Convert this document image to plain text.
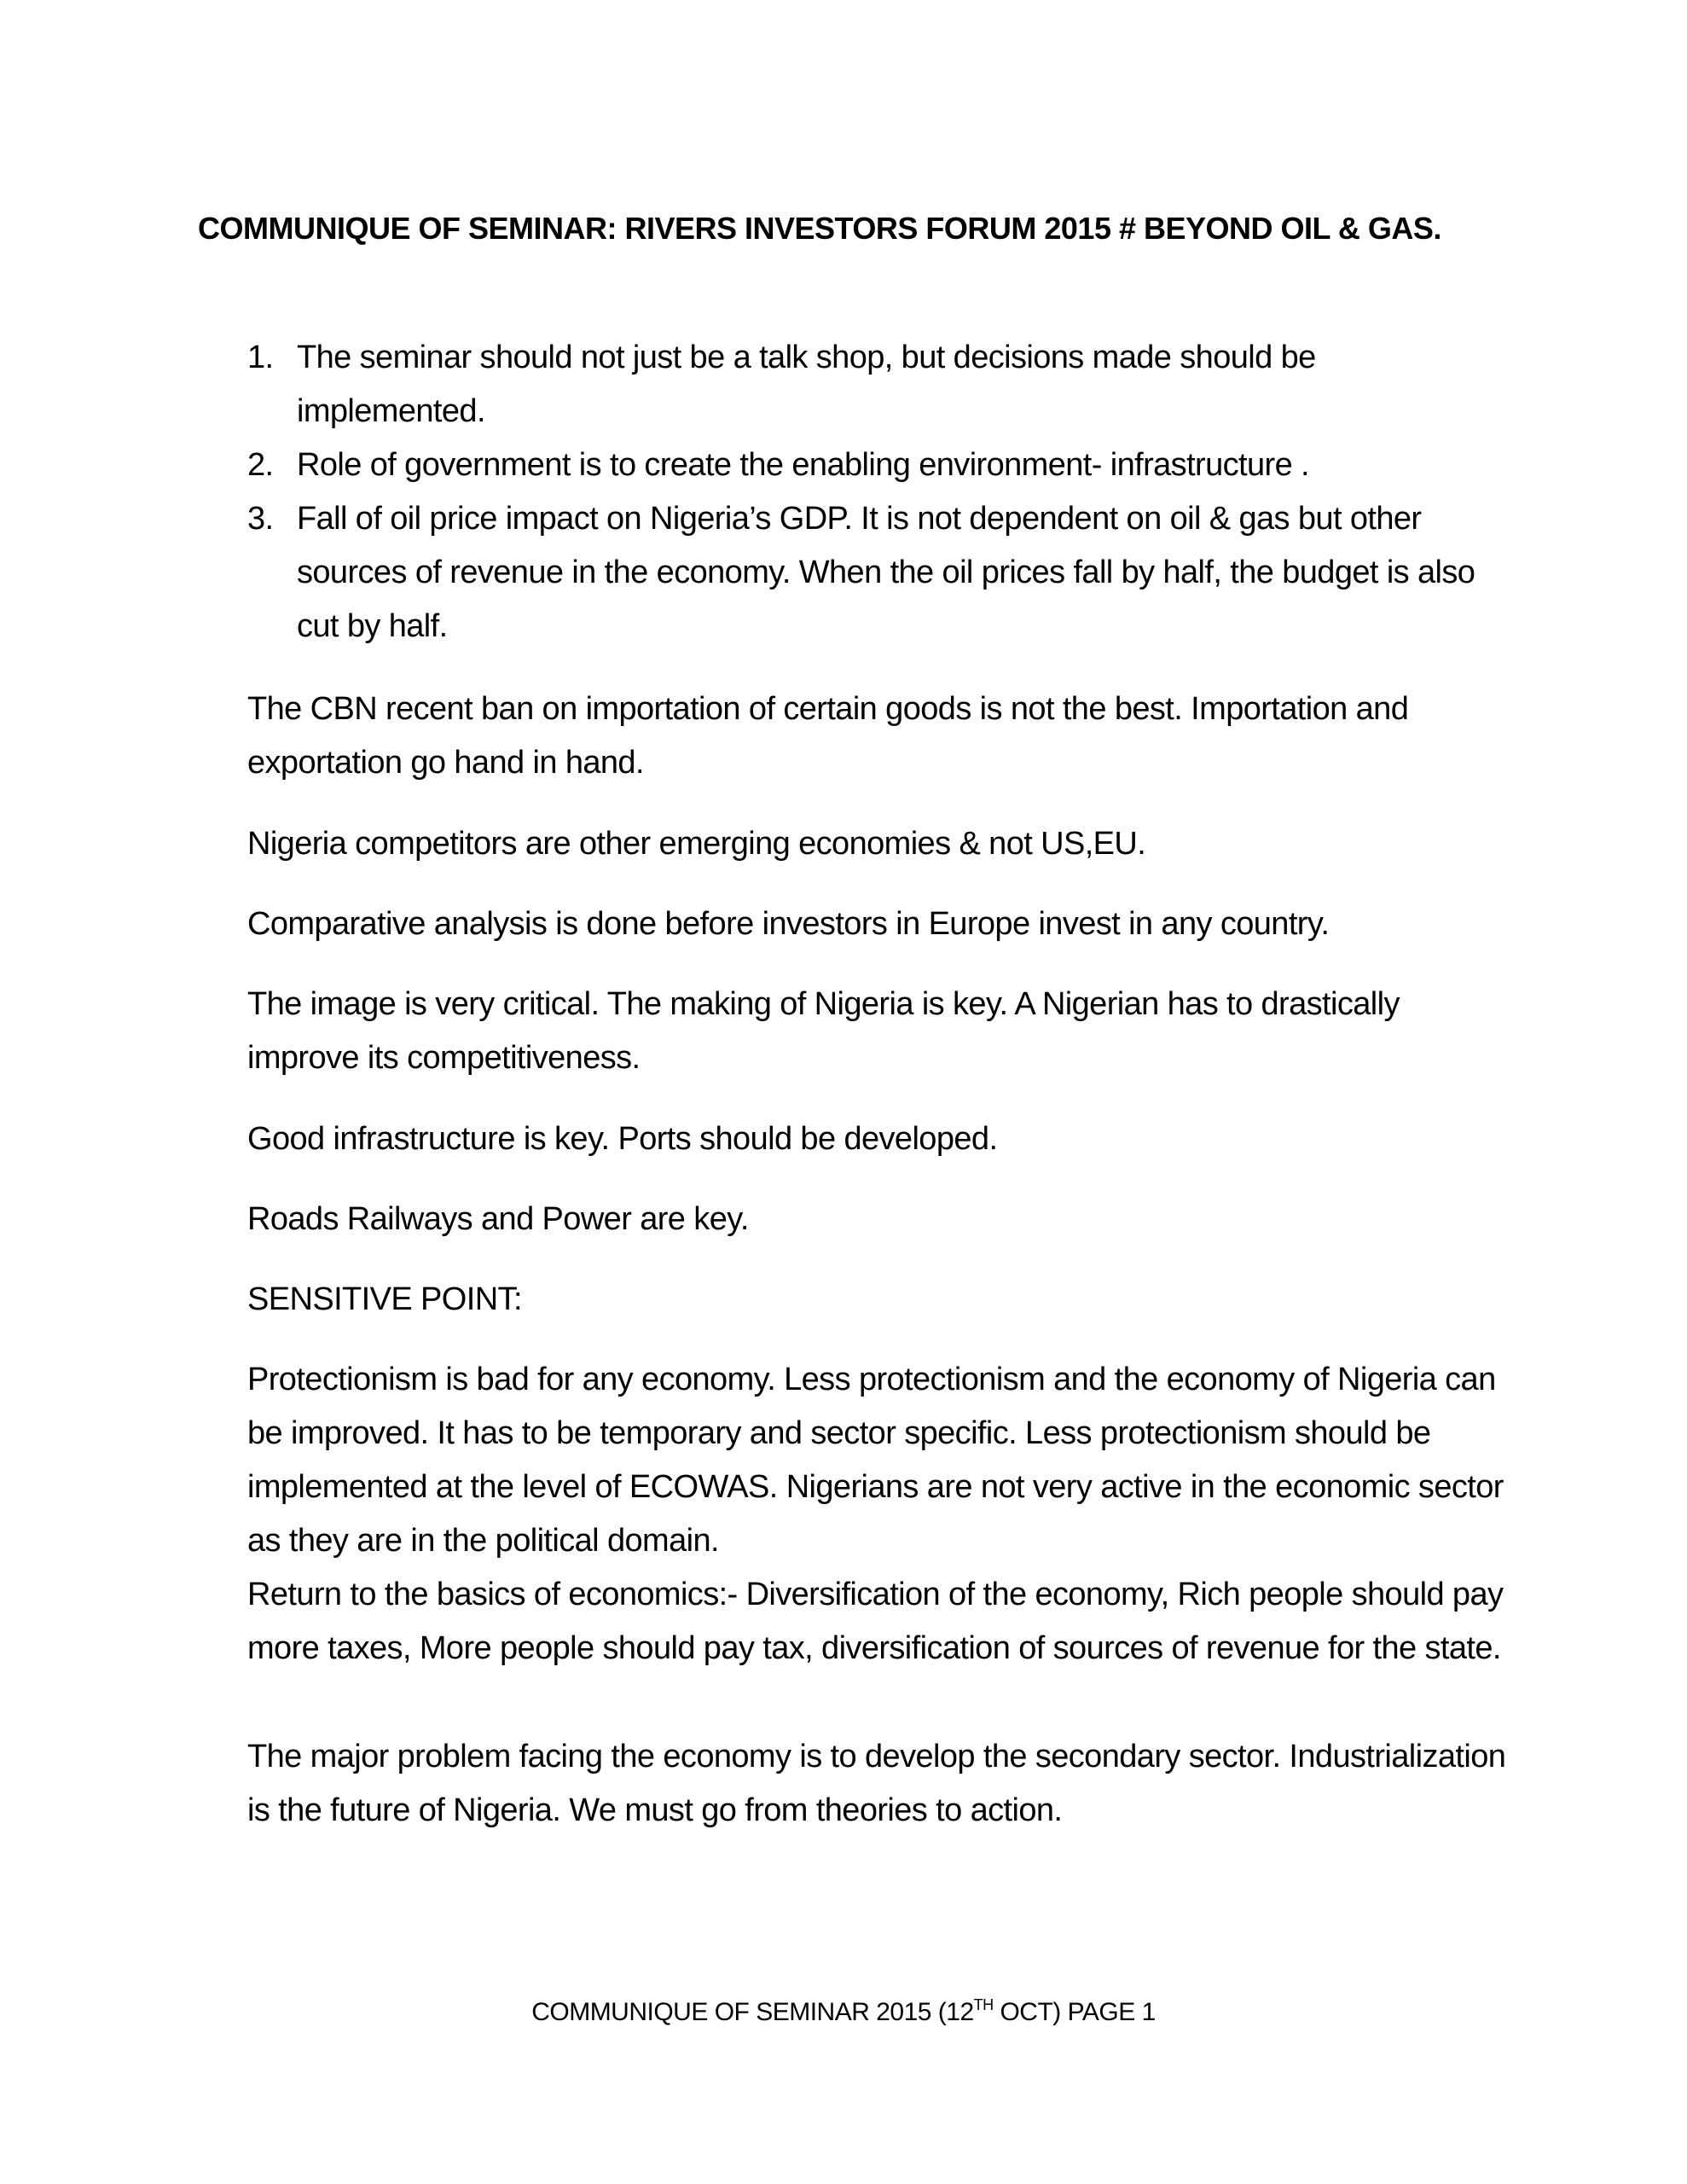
COMMUNIQUE OF SEMINAR: RIVERS INVESTORS FORUM 2015 # BEYOND OIL & GAS.
1. The seminar should not just be a talk shop, but decisions made should be implemented.
2. Role of government is to create the enabling environment- infrastructure .
3. Fall of oil price impact on Nigeria’s GDP. It is not dependent on oil & gas but other sources of revenue in the economy. When the oil prices fall by half, the budget is also cut by half.

The CBN recent ban on importation of certain goods is not the best. Importation and exportation go hand in hand.

Nigeria competitors are other emerging economies & not US,EU.

Comparative analysis is done before investors in Europe invest in any country.

The image is very critical. The making of Nigeria is key. A Nigerian has to drastically improve its competitiveness.

Good infrastructure is key. Ports should be developed.

Roads Railways and Power are key.

SENSITIVE POINT:

Protectionism is bad for any economy. Less protectionism and the economy of Nigeria can be improved. It has to be temporary and sector specific. Less protectionism should be implemented at the level of ECOWAS. Nigerians are not very active in the economic sector as they are in the political domain.

Return to the basics of economics:- Diversification of the economy, Rich people should pay more taxes, More people should pay tax, diversification of sources of revenue for the state.

The major problem facing the economy is to develop the secondary sector. Industrialization is the future of Nigeria. We must go from theories to action.

COMMUNIQUE OF SEMINAR 2015 (12TH OCT) PAGE 1
